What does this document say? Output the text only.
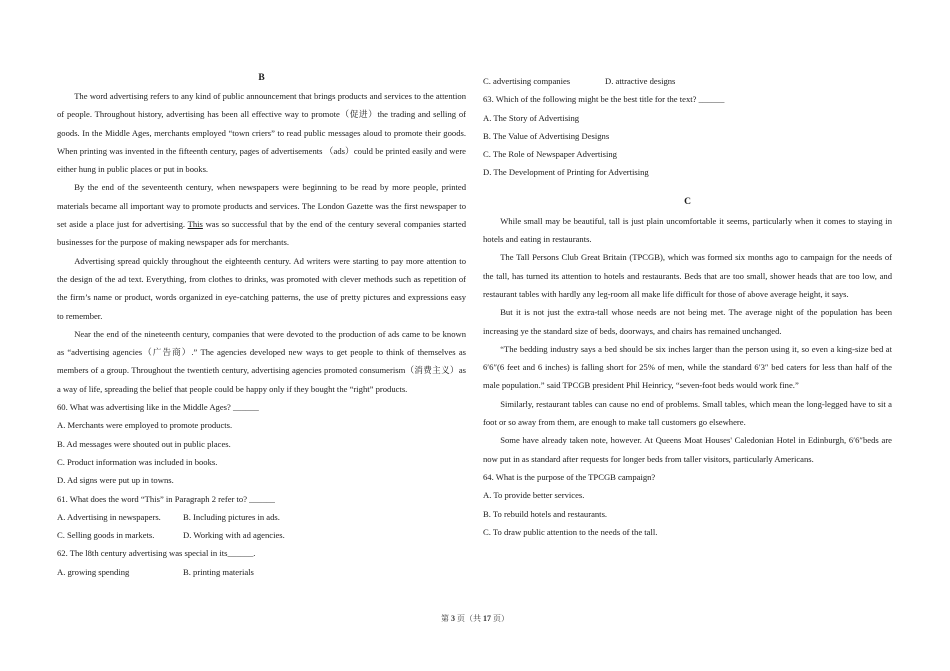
B

The word advertising refers to any kind of public announcement that brings products and services to the attention of people. Throughout history, advertising has been all effective way to promote（促进）the trading and selling of goods. In the Middle Ages, merchants employed “town criers” to read public messages aloud to promote their goods. When printing was invented in the fifteenth century, pages of advertisements （ads）could be printed easily and were either hung in public places or put in books.

By the end of the seventeenth century, when newspapers were beginning to be read by more people, printed materials became all important way to promote products and services. The London Gazette was the first newspaper to set aside a place just for advertising. This was so successful that by the end of the century several companies started businesses for the purpose of making newspaper ads for merchants.

Advertising spread quickly throughout the eighteenth century. Ad writers were starting to pay more attention to the design of the ad text. Everything, from clothes to drinks, was promoted with clever methods such as repetition of the firm’s name or product, words organized in eye-catching patterns, the use of pretty pictures and expressions easy to remember.

Near the end of the nineteenth century, companies that were devoted to the production of ads came to be known as “advertising agencies（广告商）.” The agencies developed new ways to get people to think of themselves as members of a group. Throughout the twentieth century, advertising agencies promoted consumerism（消费主义）as a way of life, spreading the belief that people could be happy only if they bought the “right” products.

60. What was advertising like in the Middle Ages? ______

A. Merchants were employed to promote products.

B. Ad messages were shouted out in public places.

C. Product information was included in books.

D. Ad signs were put up in towns.

61. What does the word “This” in Paragraph 2 refer to? ______

A. Advertising in newspapers.	B. Including pictures in ads.

C. Selling goods in markets.	D. Working with ad agencies.

62. The l8th century advertising was special in its______.

A. growing spending	B. printing materials

C. advertising companies	D. attractive designs

63. Which of the following might be the best title for the text? ______

A. The Story of Advertising

B. The Value of Advertising Designs

C. The Role of Newspaper Advertising

D. The Development of Printing for Advertising

C

While small may be beautiful, tall is just plain uncomfortable it seems, particularly when it comes to staying in hotels and eating in restaurants.

The Tall Persons Club Great Britain (TPCGB), which was formed six months ago to campaign for the needs of the tall, has turned its attention to hotels and restaurants. Beds that are too small, shower heads that are too low, and restaurant tables with hardly any leg-room all make life difficult for those of above average height, it says.

But it is not just the extra-tall whose needs are not being met. The average night of the population has been increasing ye the standard size of beds, doorways, and chairs has remained unchanged.

“The bedding industry says a bed should be six inches larger than the person using it, so even a king-size bed at 6′6″(6 feet and 6 inches) is falling short for 25% of men, while the standard 6′3″ bed caters for less than half of the male population.” said TPCGB president Phil Heinricy, “seven-foot beds would work fine.”

Similarly, restaurant tables can cause no end of problems. Small tables, which mean the long-legged have to sit a foot or so away from them, are enough to make tall customers go elsewhere.

Some have already taken note, however. At Queens Moat Houses' Caledonian Hotel in Edinburgh, 6′6″beds are now put in as standard after requests for longer beds from taller visitors, particularly Americans.

64. What is the purpose of the TPCGB campaign?

A. To provide better services.

B. To rebuild hotels and restaurants.

C. To draw public attention to the needs of the tall.

第 3 页（共 17 页）
